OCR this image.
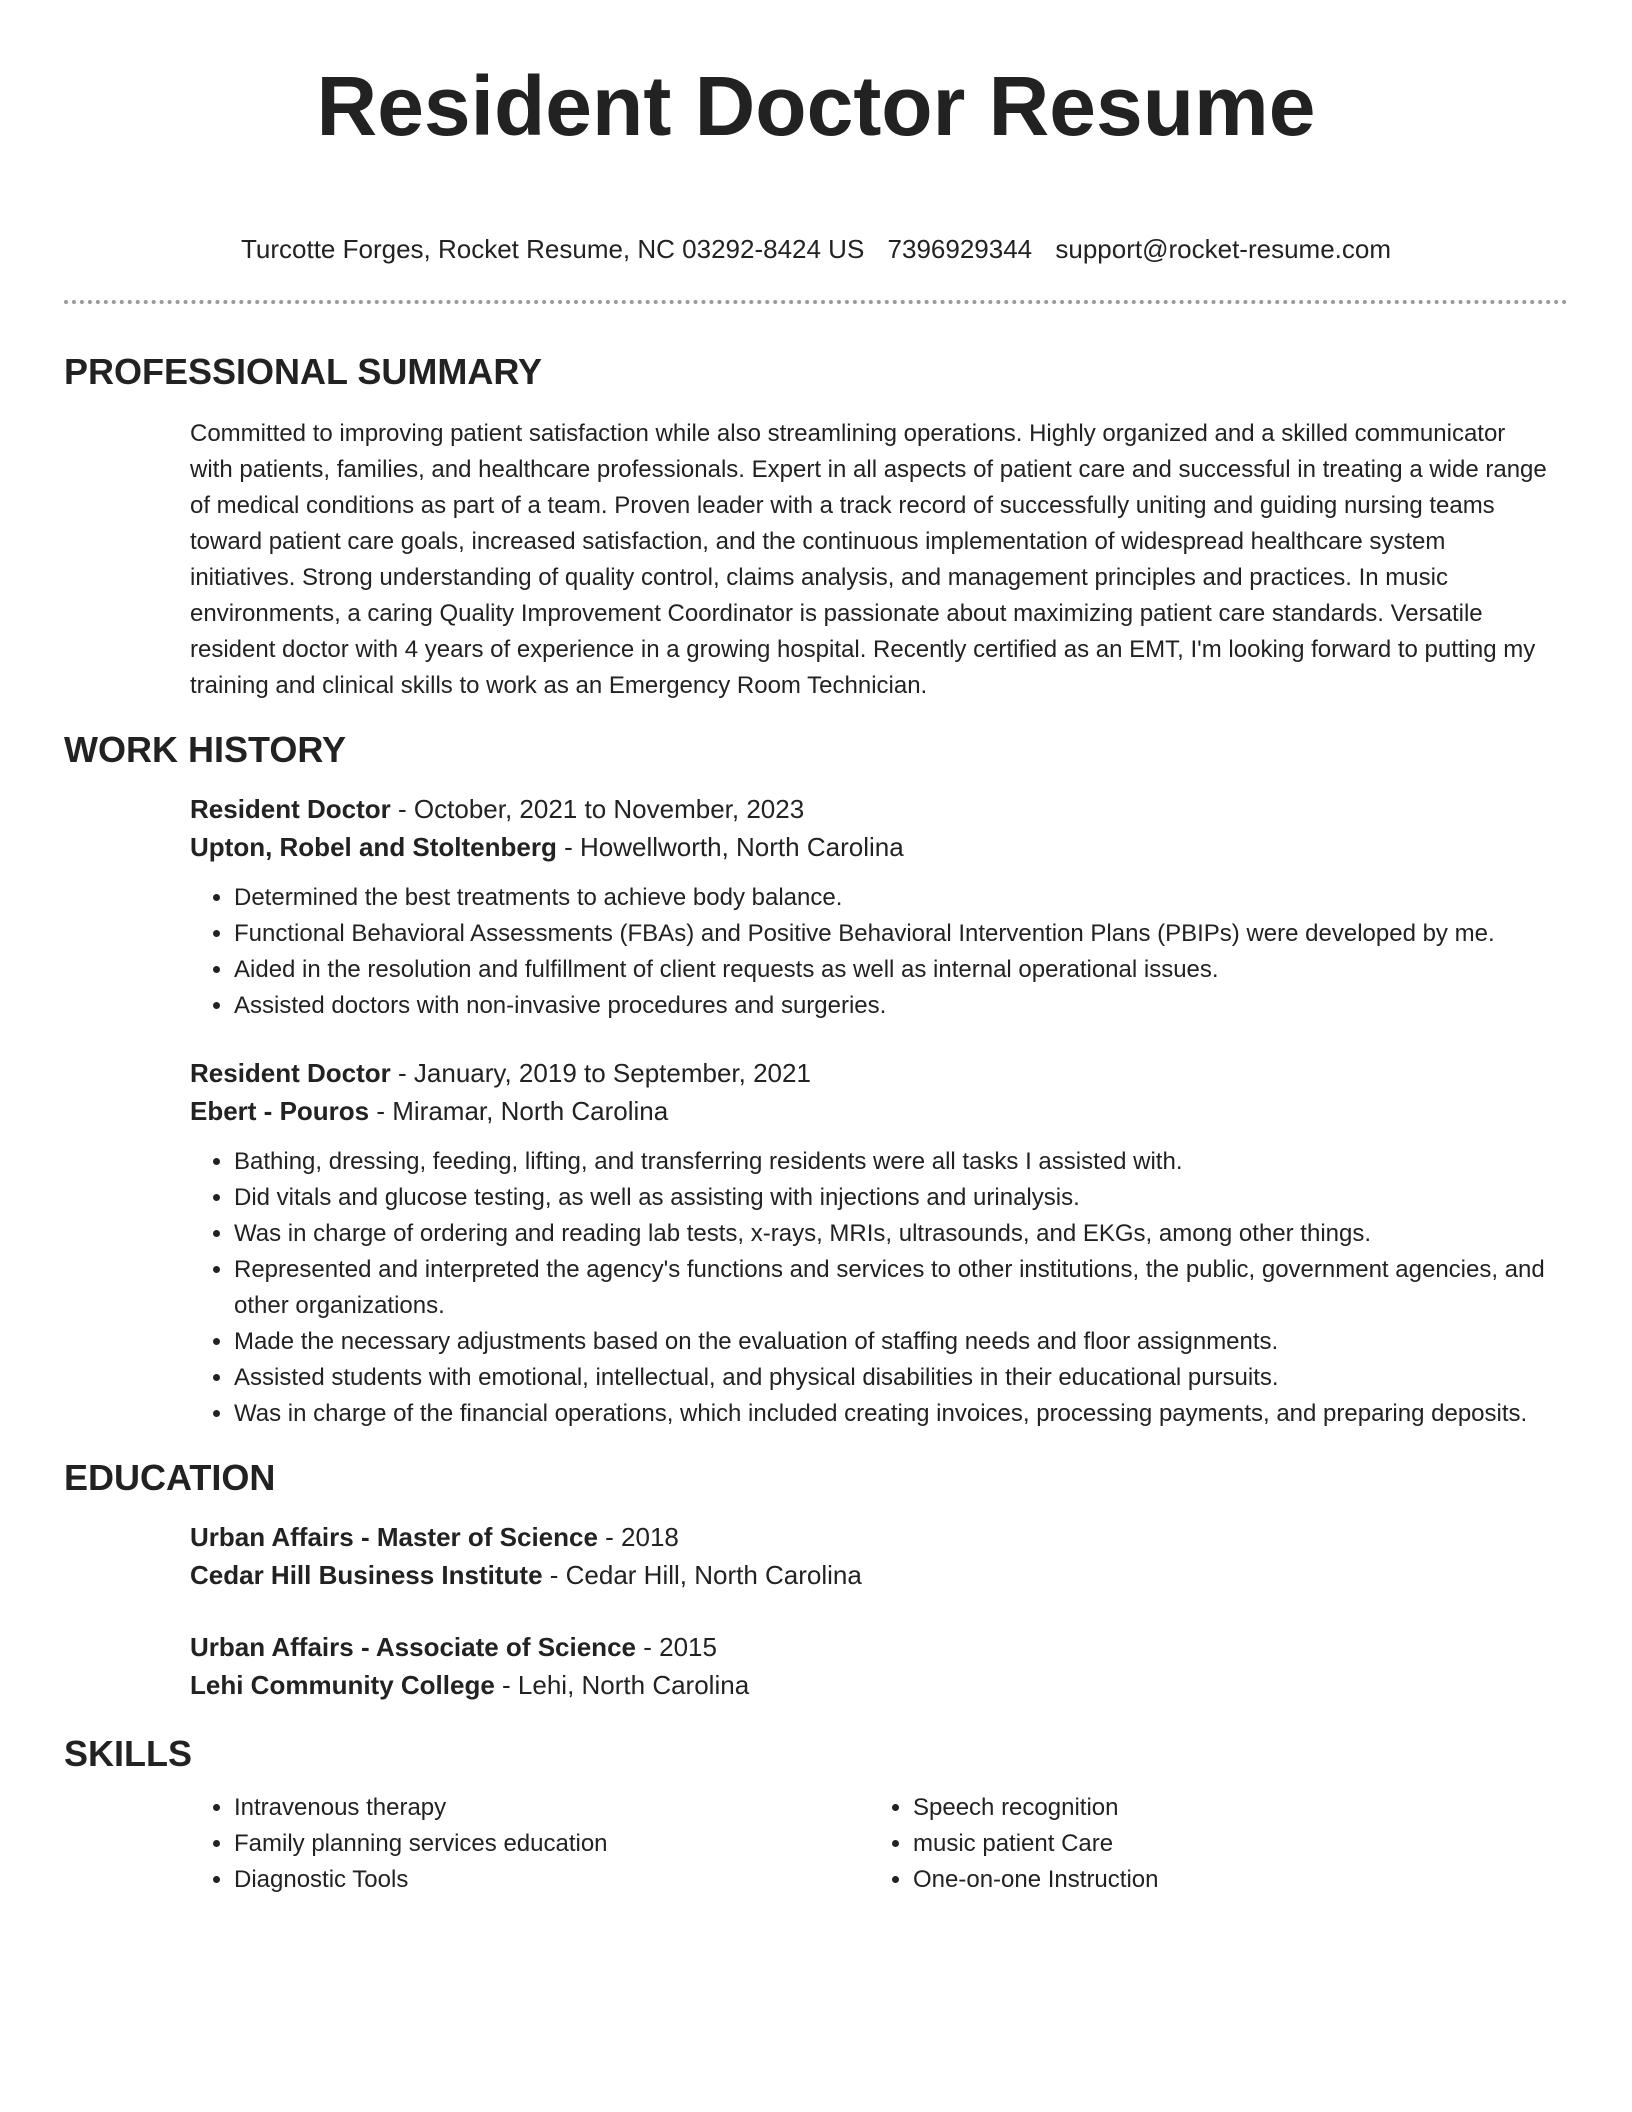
Resident Doctor Resume
Turcotte Forges, Rocket Resume, NC 03292-8424 US 7396929344 support@rocket-resume.com
PROFESSIONAL SUMMARY

Committed to improving patient satisfaction while also streamlining operations. Highly organized and a skilled communicator with patients, families, and healthcare professionals. Expert in all aspects of patient care and successful in treating a wide range of medical conditions as part of a team. Proven leader with a track record of successfully uniting and guiding nursing teams toward patient care goals, increased satisfaction, and the continuous implementation of widespread healthcare system initiatives. Strong understanding of quality control, claims analysis, and management principles and practices. In music environments, a caring Quality Improvement Coordinator is passionate about maximizing patient care standards. Versatile resident doctor with 4 years of experience in a growing hospital. Recently certified as an EMT, I'm looking forward to putting my training and clinical skills to work as an Emergency Room Technician.

WORK HISTORY

Resident Doctor - October, 2021 to November, 2023

Upton, Robel and Stoltenberg - Howellworth, North Carolina

• Determined the best treatments to achieve body balance.
• Functional Behavioral Assessments (FBAs) and Positive Behavioral Intervention Plans (PBIPs) were developed by me.
• Aided in the resolution and fulfillment of client requests as well as internal operational issues.
• Assisted doctors with non-invasive procedures and surgeries.

Resident Doctor - January, 2019 to September, 2021

Ebert - Pouros - Miramar, North Carolina

• Bathing, dressing, feeding, lifting, and transferring residents were all tasks I assisted with.
• Did vitals and glucose testing, as well as assisting with injections and urinalysis.
• Was in charge of ordering and reading lab tests, x-rays, MRIs, ultrasounds, and EKGs, among other things.
• Represented and interpreted the agency's functions and services to other institutions, the public, government agencies, and other organizations.
• Made the necessary adjustments based on the evaluation of staffing needs and floor assignments.
• Assisted students with emotional, intellectual, and physical disabilities in their educational pursuits.
• Was in charge of the financial operations, which included creating invoices, processing payments, and preparing deposits.
EDUCATION

Urban Affairs - Master of Science - 2018

Cedar Hill Business Institute - Cedar Hill, North Carolina

Urban Affairs - Associate of Science - 2015

Lehi Community College - Lehi, North Carolina

SKILLS
• Intravenous therapy
• Family planning services education
• Diagnostic Tools
• Speech recognition
• music patient Care
• One-on-one Instruction
